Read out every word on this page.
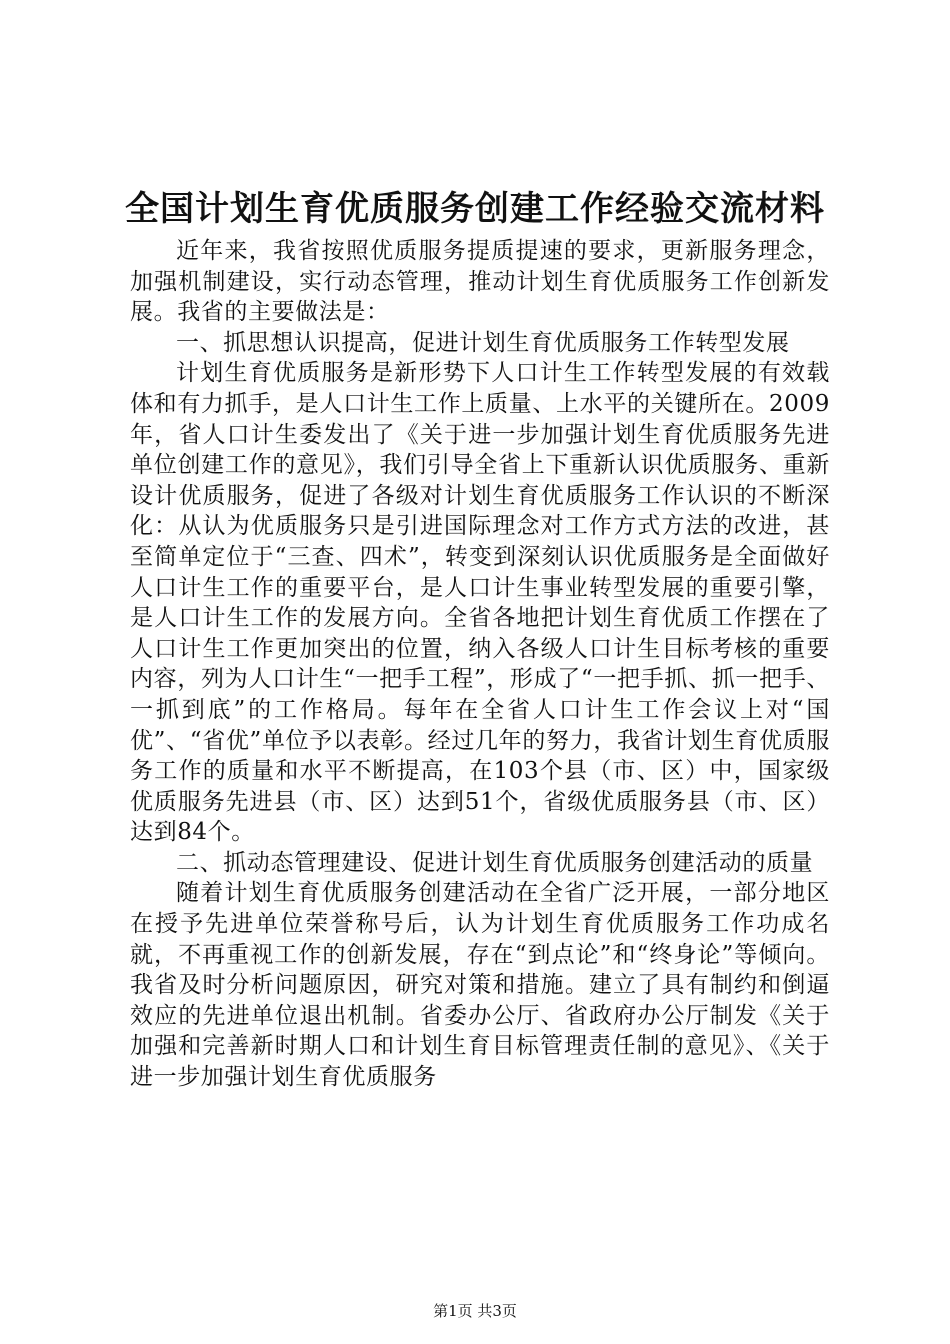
全国计划生育优质服务创建工作经验交流材料

近年来，我省按照优质服务提质提速的要求，更新服务理念，加强机制建设，实行动态管理，推动计划生育优质服务工作创新发展。我省的主要做法是：

一、抓思想认识提高，促进计划生育优质服务工作转型发展

计划生育优质服务是新形势下人口计生工作转型发展的有效载体和有力抓手，是人口计生工作上质量、上水平的关键所在。2009年，省人口计生委发出了《关于进一步加强计划生育优质服务先进单位创建工作的意见》，我们引导全省上下重新认识优质服务、重新设计优质服务，促进了各级对计划生育优质服务工作认识的不断深化：从认为优质服务只是引进国际理念对工作方式方法的改进，甚至简单定位于“三查、四术”，转变到深刻认识优质服务是全面做好人口计生工作的重要平台，是人口计生事业转型发展的重要引擎，是人口计生工作的发展方向。全省各地把计划生育优质工作摆在了人口计生工作更加突出的位置，纳入各级人口计生目标考核的重要内容，列为人口计生“一把手工程”，形成了“一把手抓、抓一把手、一抓到底”的工作格局。每年在全省人口计生工作会议上对“国优”、“省优”单位予以表彰。经过几年的努力，我省计划生育优质服务工作的质量和水平不断提高，在103个县（市、区）中，国家级优质服务先进县（市、区）达到51个，省级优质服务县（市、区）达到84个。

二、抓动态管理建设、促进计划生育优质服务创建活动的质量

随着计划生育优质服务创建活动在全省广泛开展，一部分地区在授予先进单位荣誉称号后，认为计划生育优质服务工作功成名就，不再重视工作的创新发展，存在“到点论”和“终身论”等倾向。我省及时分析问题原因，研究对策和措施。建立了具有制约和倒逼效应的先进单位退出机制。省委办公厅、省政府办公厅制发《关于加强和完善新时期人口和计划生育目标管理责任制的意见》、《关于进一步加强计划生育优质服务

第1页 共3页
